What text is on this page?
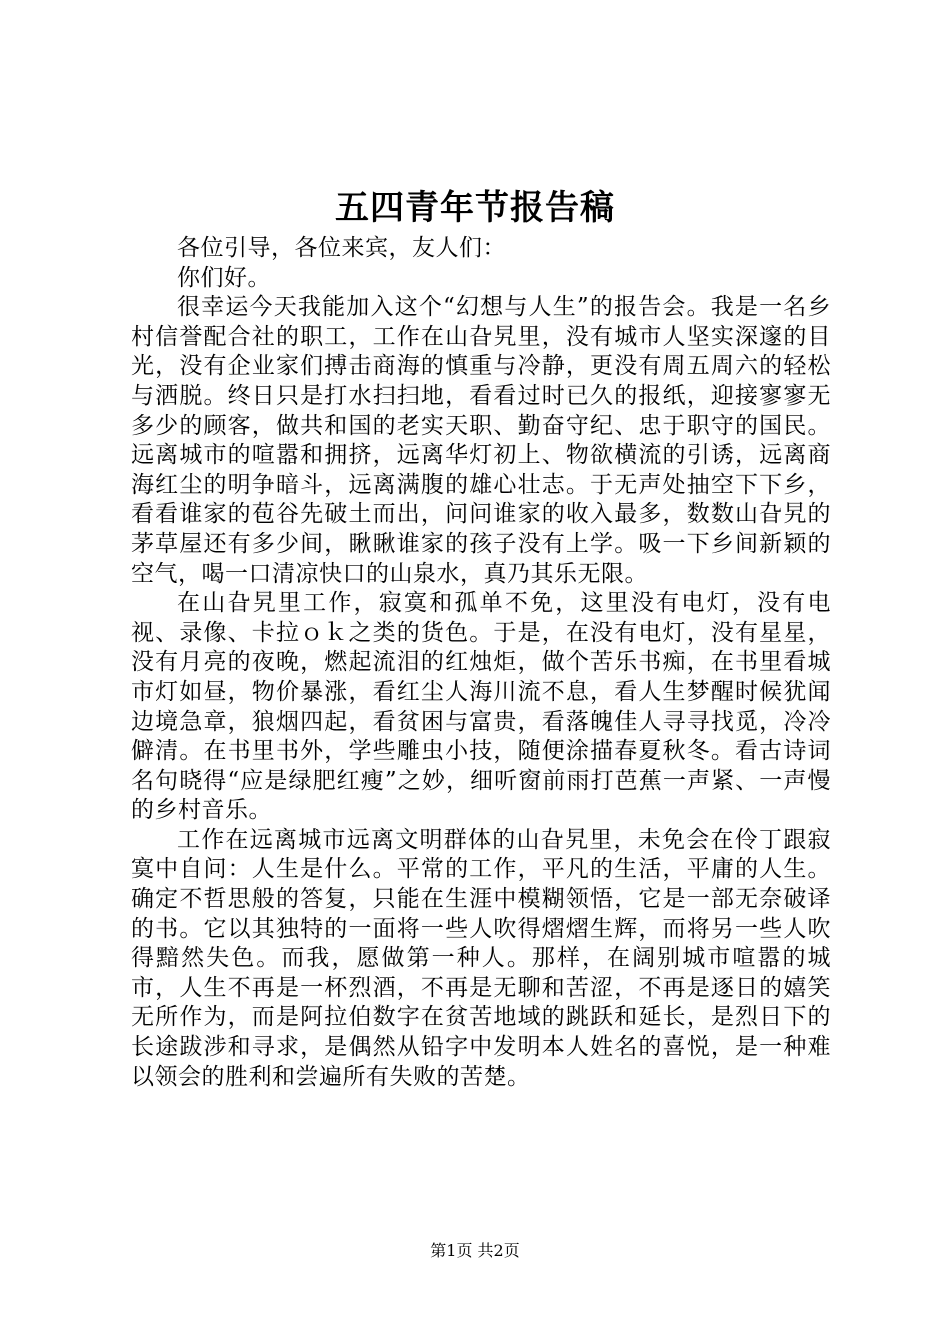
五四青年节报告稿

各位引导，各位来宾，友人们：

你们好。

很幸运今天我能加入这个“幻想与人生”的报告会。我是一名乡村信誉配合社的职工，工作在山旮旯里，没有城市人坚实深邃的目光，没有企业家们搏击商海的慎重与冷静，更没有周五周六的轻松与洒脱。终日只是打水扫扫地，看看过时已久的报纸，迎接寥寥无多少的顾客，做共和国的老实天职、勤奋守纪、忠于职守的国民。远离城市的喧嚣和拥挤，远离华灯初上、物欲横流的引诱，远离商海红尘的明争暗斗，远离满腹的雄心壮志。于无声处抽空下下乡，看看谁家的苞谷先破土而出，问问谁家的收入最多，数数山旮旯的茅草屋还有多少间，瞅瞅谁家的孩子没有上学。吸一下乡间新颖的空气，喝一口清凉快口的山泉水，真乃其乐无限。

在山旮旯里工作，寂寞和孤单不免，这里没有电灯，没有电视、录像、卡拉ｏｋ之类的货色。于是，在没有电灯，没有星星，没有月亮的夜晚，燃起流泪的红烛炬，做个苦乐书痴，在书里看城市灯如昼，物价暴涨，看红尘人海川流不息，看人生梦醒时候犹闻边境急章，狼烟四起，看贫困与富贵，看落魄佳人寻寻找觅，冷冷僻清。在书里书外，学些雕虫小技，随便涂描春夏秋冬。看古诗词名句晓得“应是绿肥红瘦”之妙，细听窗前雨打芭蕉一声紧、一声慢的乡村音乐。

工作在远离城市远离文明群体的山旮旯里，未免会在伶丁跟寂寞中自问：人生是什么。平常的工作，平凡的生活，平庸的人生。确定不哲思般的答复，只能在生涯中模糊领悟，它是一部无奈破译的书。它以其独特的一面将一些人吹得熠熠生辉，而将另一些人吹得黯然失色。而我，愿做第一种人。那样，在阔别城市喧嚣的城市，人生不再是一杯烈酒，不再是无聊和苦涩，不再是逐日的嬉笑无所作为，而是阿拉伯数字在贫苦地域的跳跃和延长，是烈日下的长途跋涉和寻求，是偶然从铅字中发明本人姓名的喜悦，是一种难以领会的胜利和尝遍所有失败的苦楚。

第1页 共2页
